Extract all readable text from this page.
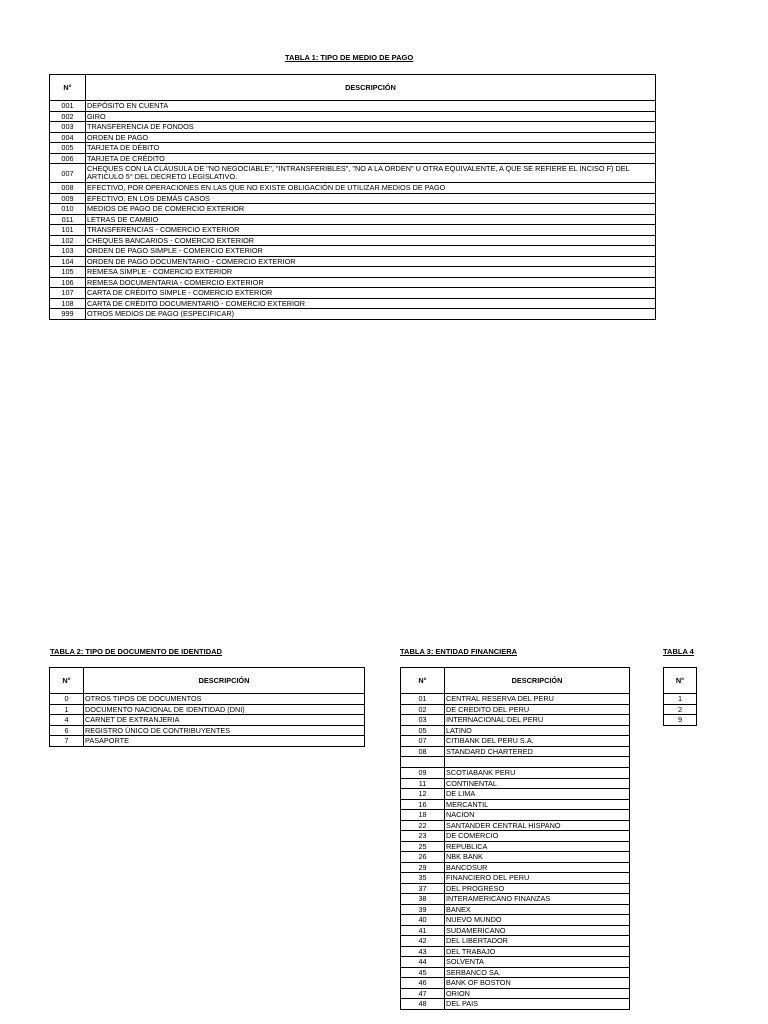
TABLA 1: TIPO DE MEDIO DE PAGO
N°	DESCRIPCIÓN
001	DEPÓSITO EN CUENTA
002	GIRO
003	TRANSFERENCIA DE FONDOS
004	ORDEN DE PAGO
005	TARJETA DE DÉBITO
006	TARJETA DE CRÉDITO
007	CHEQUES CON LA CLÁUSULA DE "NO NEGOCIABLE", "INTRANSFERIBLES", "NO A LA ORDEN" U OTRA EQUIVALENTE, A QUE SE REFIERE EL INCISO F) DEL ARTICULO 5° DEL DECRETO LEGISLATIVO.
008	EFECTIVO, POR OPERACIONES EN LAS QUE NO EXISTE OBLIGACIÓN DE UTILIZAR MEDIOS DE PAGO
009	EFECTIVO, EN LOS DEMÁS CASOS
010	MEDIOS DE PAGO DE COMERCIO EXTERIOR
011	LETRAS DE CAMBIO
101	TRANSFERENCIAS - COMERCIO EXTERIOR
102	CHEQUES BANCARIOS - COMERCIO EXTERIOR
103	ORDEN DE PAGO SIMPLE - COMERCIO EXTERIOR
104	ORDEN DE PAGO DOCUMENTARIO - COMERCIO EXTERIOR
105	REMESA SIMPLE - COMERCIO EXTERIOR
106	REMESA DOCUMENTARIA - COMERCIO EXTERIOR
107	CARTA DE CRÉDITO SIMPLE - COMERCIO EXTERIOR
108	CARTA DE CRÉDITO DOCUMENTARIO - COMERCIO EXTERIOR
999	OTROS MEDIOS DE PAGO (ESPECIFICAR)
TABLA 2: TIPO DE DOCUMENTO DE IDENTIDAD
N°	DESCRIPCIÓN
0	OTROS TIPOS DE DOCUMENTOS
1	DOCUMENTO NACIONAL DE IDENTIDAD (DNI)
4	CARNET DE EXTRANJERIA
6	REGISTRO ÚNICO DE CONTRIBUYENTES
7	PASAPORTE
TABLA 3: ENTIDAD FINANCIERA
N°	DESCRIPCIÓN
01	CENTRAL RESERVA DEL PERU
02	DE CREDITO DEL PERU
03	INTERNACIONAL DEL PERU
05	LATINO
07	CITIBANK DEL PERU S.A.
08	STANDARD CHARTERED

09	SCOTIABANK PERU
11	CONTINENTAL
12	DE LIMA
16	MERCANTIL
18	NACION
22	SANTANDER CENTRAL HISPANO
23	DE COMERCIO
25	REPUBLICA
26	NBK BANK
29	BANCOSUR
35	FINANCIERO DEL PERU
37	DEL PROGRESO
38	INTERAMERICANO FINANZAS
39	BANEX
40	NUEVO MUNDO
41	SUDAMERICANO
42	DEL LIBERTADOR
43	DEL TRABAJO
44	SOLVENTA
45	SERBANCO SA.
46	BANK OF BOSTON
47	ORION
48	DEL PAIS
TABLA 4
N°
1
2
9
